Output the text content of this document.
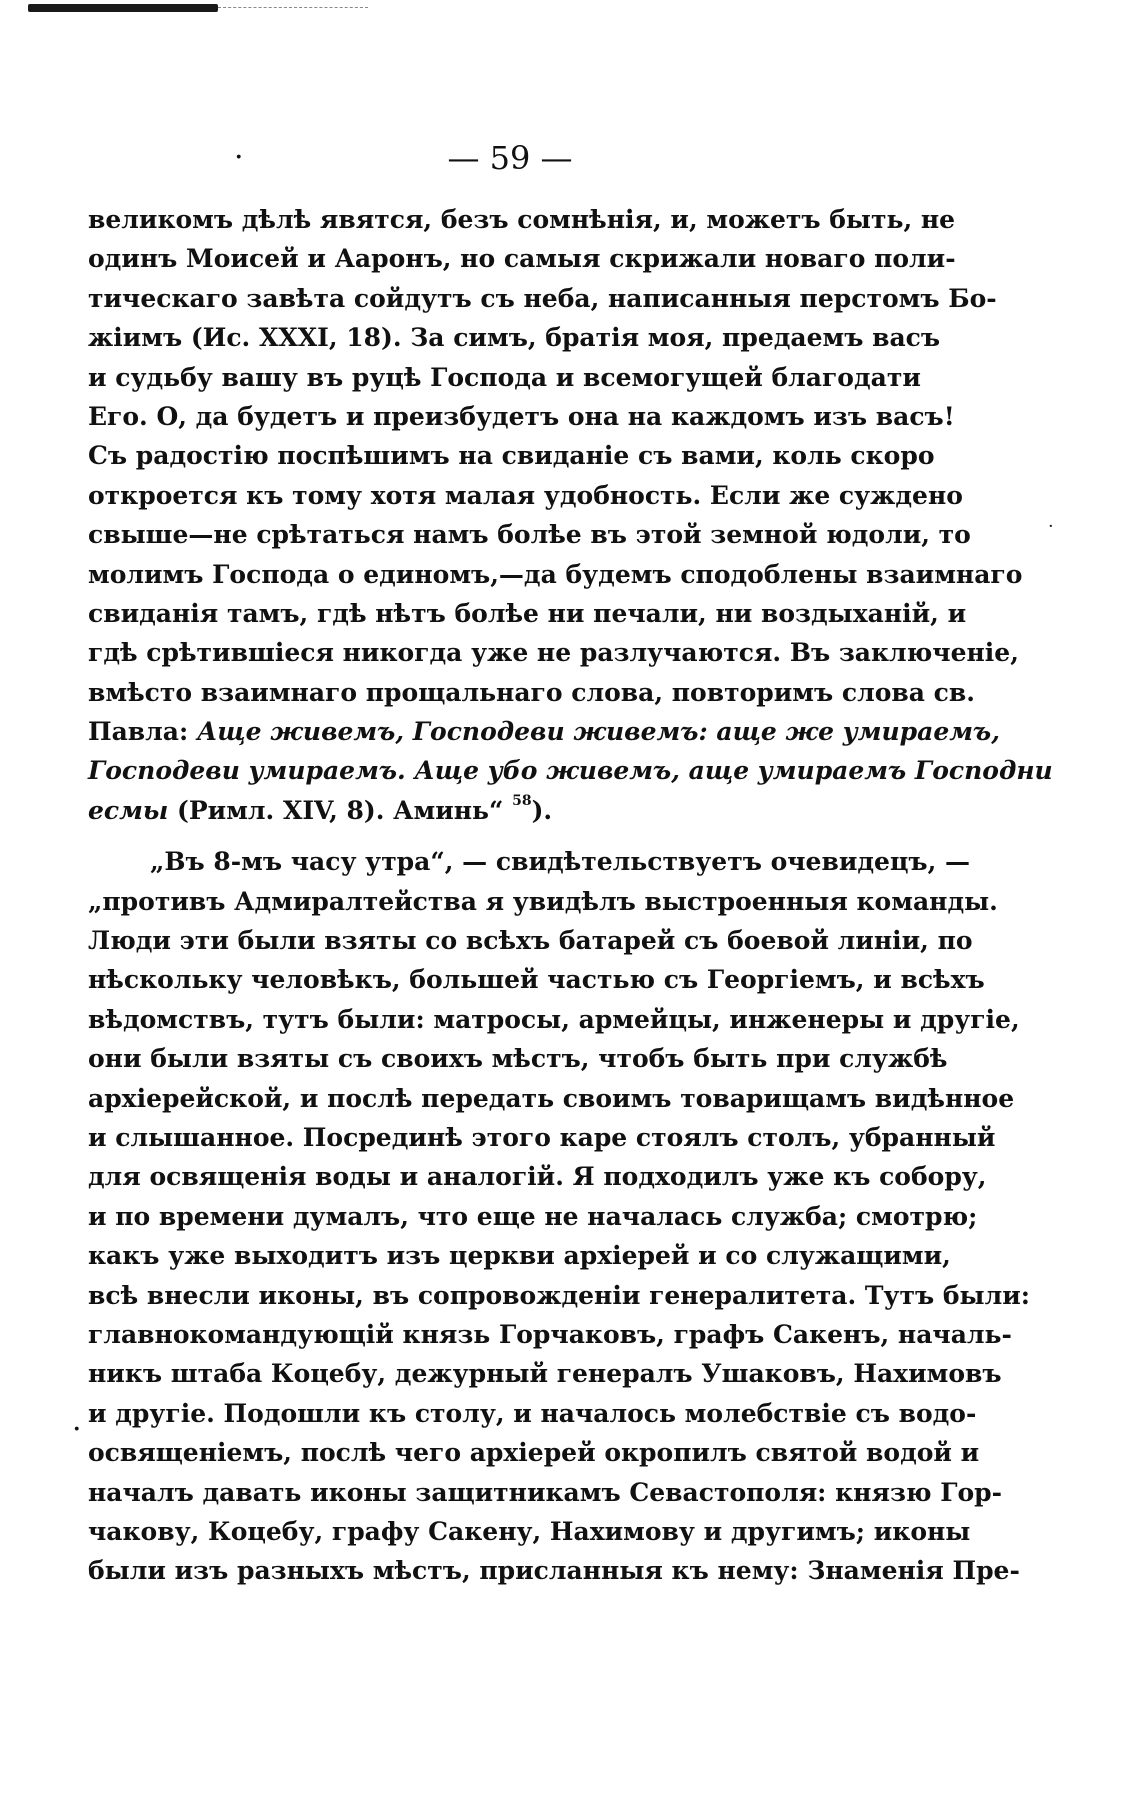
— 59 —
·
·
·
великомъ дѣлѣ явятся, безъ сомнѣнія, и, можетъ быть, не
одинъ Моисей и Ааронъ, но самыя скрижали новаго поли-
тическаго завѣта сойдутъ съ неба, написанныя перстомъ Бо-
жіимъ (Ис. XXXI, 18). За симъ, братія моя, предаемъ васъ
и судьбу вашу въ руцѣ Господа и всемогущей благодати
Его. О, да будетъ и преизбудетъ она на каждомъ изъ васъ!
Съ радостію поспѣшимъ на свиданіе съ вами, коль скоро
откроется къ тому хотя малая удобность. Если же суждено
свыше—не срѣтаться намъ болѣе въ этой земной юдоли, то
молимъ Господа о единомъ,—да будемъ сподоблены взаимнаго
свиданія тамъ, гдѣ нѣтъ болѣе ни печали, ни воздыханій, и
гдѣ срѣтившіеся никогда уже не разлучаются. Въ заключеніе,
вмѣсто взаимнаго прощальнаго слова, повторимъ слова св.
Павла: Аще живемъ, Господеви живемъ: аще же умираемъ,
Господеви умираемъ. Аще убо живемъ, аще умираемъ Господни
есмы (Римл. XIV, 8). Аминь“ $^{58}$).
„Въ 8-мъ часу утра“, — свидѣтельствуетъ очевидецъ, —
„противъ Адмиралтейства я увидѣлъ выстроенныя команды.
Люди эти были взяты со всѣхъ батарей съ боевой линіи, по
нѣскольку человѣкъ, большей частью съ Георгіемъ, и всѣхъ
вѣдомствъ, тутъ были: матросы, армейцы, инженеры и другіе,
они были взяты съ своихъ мѣстъ, чтобъ быть при службѣ
архіерейской, и послѣ передать своимъ товарищамъ видѣнное
и слышанное. Посрединѣ этого каре стоялъ столъ, убранный
для освященія воды и аналогій. Я подходилъ уже къ собору,
и по времени думалъ, что еще не началась служба; смотрю;
какъ уже выходитъ изъ церкви архіерей и со служащими,
всѣ внесли иконы, въ сопровожденіи генералитета. Тутъ были:
главнокомандующій князь Горчаковъ, графъ Сакенъ, началь-
никъ штаба Коцебу, дежурный генералъ Ушаковъ, Нахимовъ
и другіе. Подошли къ столу, и началось молебствіе съ водо-
освященіемъ, послѣ чего архіерей окропилъ святой водой и
началъ давать иконы защитникамъ Севастополя: князю Гор-
чакову, Коцебу, графу Сакену, Нахимову и другимъ; иконы
были изъ разныхъ мѣстъ, присланныя къ нему: Знаменія Пре-
